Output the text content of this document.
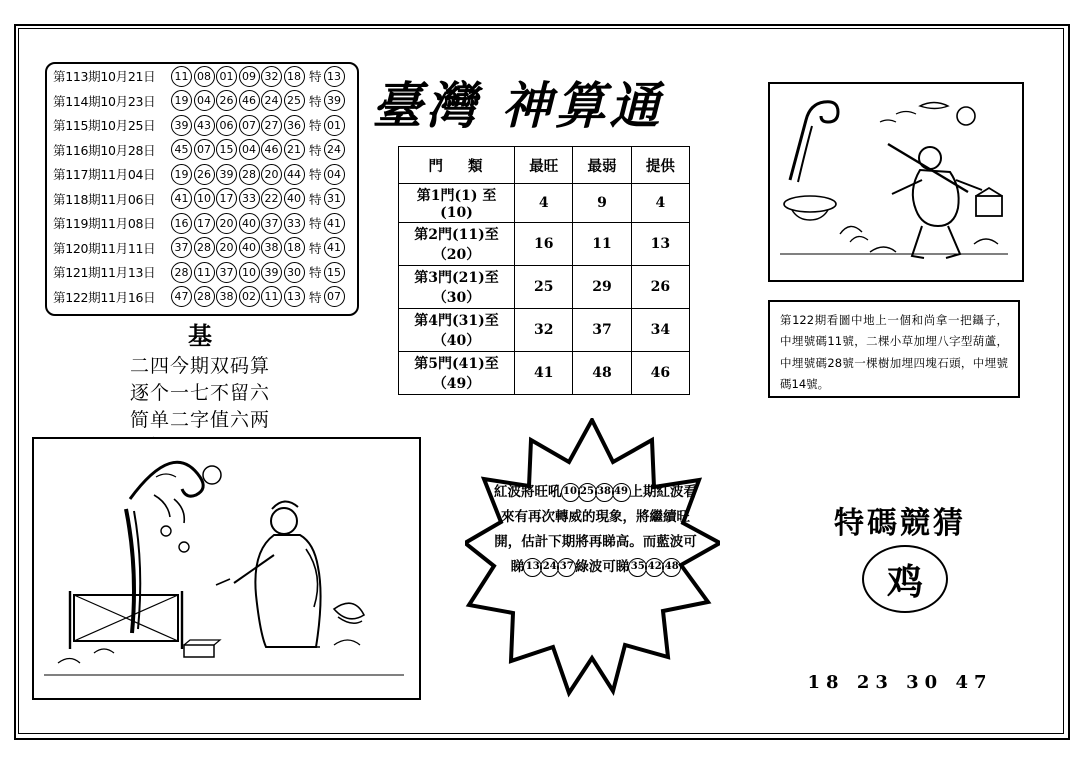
第113期10月21日	11 08 01 09 32 18 特 13
第114期10月23日	19 04 26 46 24 25 特 39
第115期10月25日	39 43 06 07 27 36 特 01
第116期10月28日	45 07 15 04 46 21 特 24
第117期11月04日	19 26 39 28 20 44 特 04
第118期11月06日	41 10 17 33 22 40 特 31
第119期11月08日	16 17 20 40 37 33 特 41
第120期11月11日	37 28 20 40 38 18 特 41
第121期11月13日	28 11 37 10 39 30 特 15
第122期11月16日	47 28 38 02 11 13 特 07
臺灣 神算通
基
二四今期双码算
逐个一七不留六
简单二字值六两
門 類	最旺	最弱	提供
第1門(1) 至 (10)	4	9	4
第2門(11)至（20）	16	11	13
第3門(21)至（30）	25	29	26
第4門(31)至（40）	32	37	34
第5門(41)至（49）	41	48	46
第122期看圖中地上一個和尚拿一把鑷子，中埋號碼11號，二棵小草加埋八字型葫蘆，中埋號碼28號一棵樹加埋四塊石頭，中埋號碼14號。
紅波將旺吼 10 25 38 49 上期紅波看來有再次轉威的現象，將繼續旺開，估計下期將再睇高。而藍波可睇 13 24 37 綠波可睇 35 42 48
特碼競猜
鸡
18 23 30 47
